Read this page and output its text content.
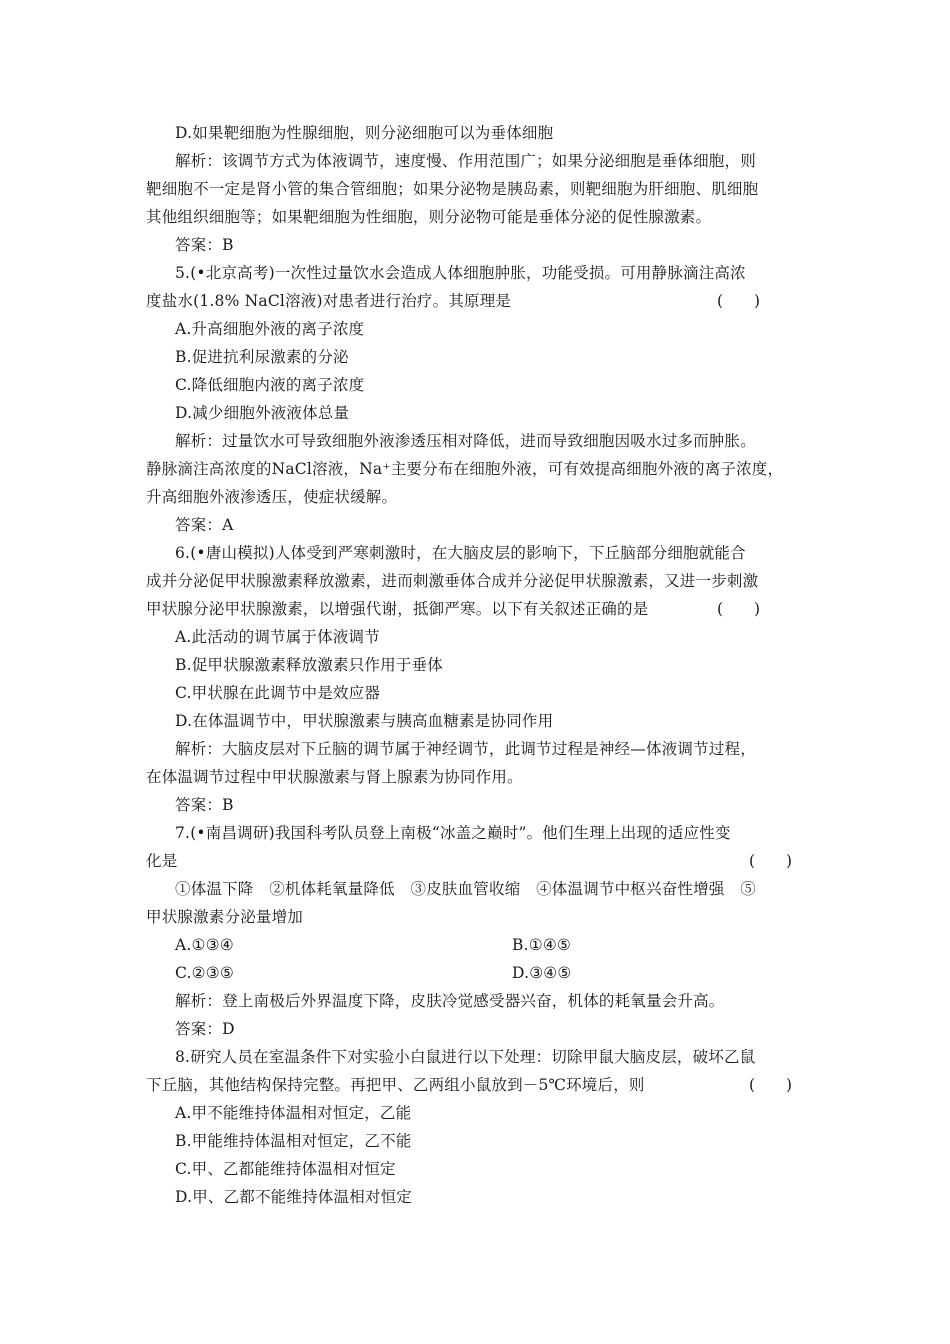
D.如果靶细胞为性腺细胞，则分泌细胞可以为垂体细胞
解析：该调节方式为体液调节，速度慢、作用范围广；如果分泌细胞是垂体细胞，则
靶细胞不一定是肾小管的集合管细胞；如果分泌物是胰岛素，则靶细胞为肝细胞、肌细胞
其他组织细胞等；如果靶细胞为性细胞，则分泌物可能是垂体分泌的促性腺激素。
答案：B
5.(•北京高考)一次性过量饮水会造成人体细胞肿胀，功能受损。可用静脉滴注高浓
度盐水(1.8% NaCl溶液)对患者进行治疗。其原理是	(　　)
A.升高细胞外液的离子浓度
B.促进抗利尿激素的分泌
C.降低细胞内液的离子浓度
D.减少细胞外液液体总量
解析：过量饮水可导致细胞外液渗透压相对降低，进而导致细胞因吸水过多而肿胀。
静脉滴注高浓度的NaCl溶液，Na⁺主要分布在细胞外液，可有效提高细胞外液的离子浓度，
升高细胞外液渗透压，使症状缓解。
答案：A
6.(•唐山模拟)人体受到严寒刺激时，在大脑皮层的影响下，下丘脑部分细胞就能合
成并分泌促甲状腺激素释放激素，进而刺激垂体合成并分泌促甲状腺激素，又进一步刺激
甲状腺分泌甲状腺激素，以增强代谢，抵御严寒。以下有关叙述正确的是	(　　)
A.此活动的调节属于体液调节
B.促甲状腺激素释放激素只作用于垂体
C.甲状腺在此调节中是效应器
D.在体温调节中，甲状腺激素与胰高血糖素是协同作用
解析：大脑皮层对下丘脑的调节属于神经调节，此调节过程是神经—体液调节过程，
在体温调节过程中甲状腺激素与肾上腺素为协同作用。
答案：B
7.(•南昌调研)我国科考队员登上南极“冰盖之巅时”。他们生理上出现的适应性变
化是	(　　)
①体温下降　②机体耗氧量降低　③皮肤血管收缩　④体温调节中枢兴奋性增强　⑤
甲状腺激素分泌量增加
A.①③④	B.①④⑤
C.②③⑤	D.③④⑤
解析：登上南极后外界温度下降，皮肤冷觉感受器兴奋，机体的耗氧量会升高。
答案：D
8.研究人员在室温条件下对实验小白鼠进行以下处理：切除甲鼠大脑皮层，破坏乙鼠
下丘脑，其他结构保持完整。再把甲、乙两组小鼠放到－5℃环境后，则	(　　)
A.甲不能维持体温相对恒定，乙能
B.甲能维持体温相对恒定，乙不能
C.甲、乙都能维持体温相对恒定
D.甲、乙都不能维持体温相对恒定
